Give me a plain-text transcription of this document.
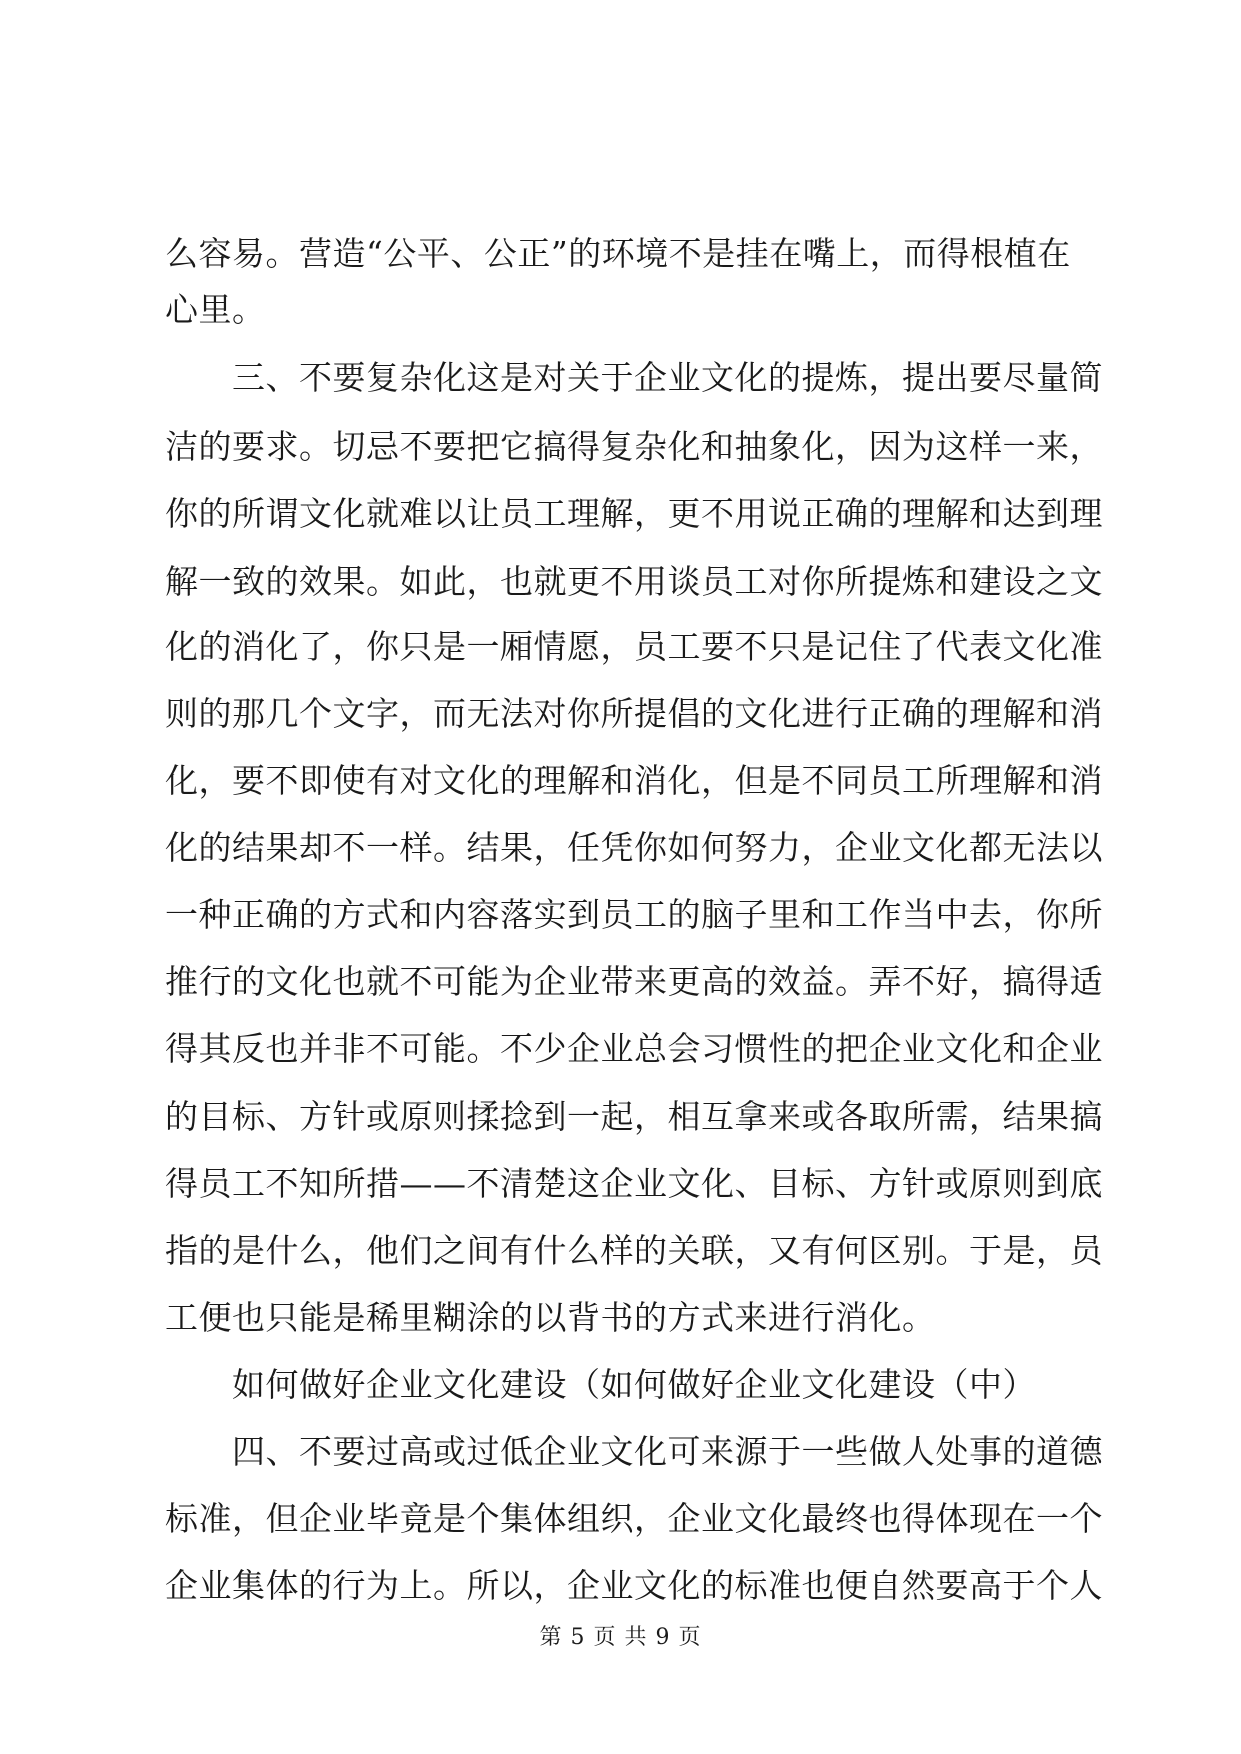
么容易。营造“公平、公正”的环境不是挂在嘴上，而得根植在
心里。
　　三、不要复杂化这是对关于企业文化的提炼，提出要尽量简
洁的要求。切忌不要把它搞得复杂化和抽象化，因为这样一来，
你的所谓文化就难以让员工理解，更不用说正确的理解和达到理
解一致的效果。如此，也就更不用谈员工对你所提炼和建设之文
化的消化了，你只是一厢情愿，员工要不只是记住了代表文化准
则的那几个文字，而无法对你所提倡的文化进行正确的理解和消
化，要不即使有对文化的理解和消化，但是不同员工所理解和消
化的结果却不一样。结果，任凭你如何努力，企业文化都无法以
一种正确的方式和内容落实到员工的脑子里和工作当中去，你所
推行的文化也就不可能为企业带来更高的效益。弄不好，搞得适
得其反也并非不可能。不少企业总会习惯性的把企业文化和企业
的目标、方针或原则揉捻到一起，相互拿来或各取所需，结果搞
得员工不知所措——不清楚这企业文化、目标、方针或原则到底
指的是什么，他们之间有什么样的关联，又有何区别。于是，员
工便也只能是稀里糊涂的以背书的方式来进行消化。
　　如何做好企业文化建设（如何做好企业文化建设（中）
　　四、不要过高或过低企业文化可来源于一些做人处事的道德
标准，但企业毕竟是个集体组织，企业文化最终也得体现在一个
企业集体的行为上。所以，企业文化的标准也便自然要高于个人
第 5 页 共 9 页
